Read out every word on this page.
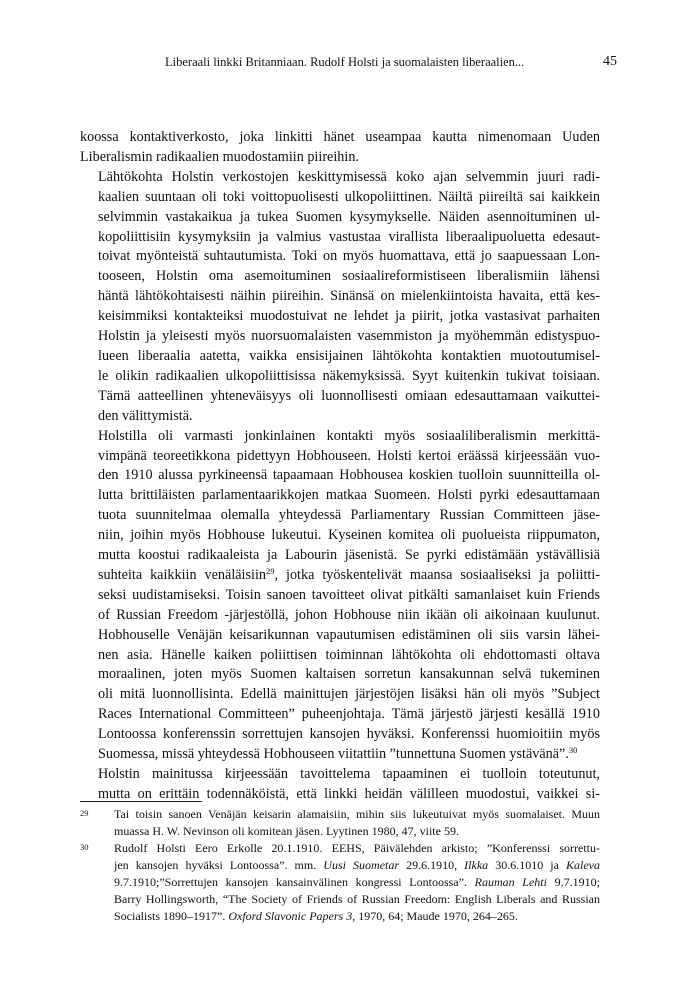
Liberaali linkki Britanniaan. Rudolf Holsti ja suomalaisten liberaalien...	45

koossa kontaktiverkosto, joka linkitti hänet useampaa kautta nimenomaan Uuden
Liberalismin radikaalien muodostamiin piireihin.

Lähtökohta Holstin verkostojen keskittymisessä koko ajan selvemmin juuri radi-
kaalien suuntaan oli toki voittopuolisesti ulkopoliittinen. Näiltä piireiltä sai kaikkein
selvimmin vastakaikua ja tukea Suomen kysymykselle. Näiden asennoituminen ul-
kopoliittisiin kysymyksiin ja valmius vastustaa virallista liberaalipuoluetta edesaut-
toivat myönteistä suhtautumista. Toki on myös huomattava, että jo saapuessaan Lon-
tooseen, Holstin oma asemoituminen sosiaalireformistiseen liberalismiin lähensi
häntä lähtökohtaisesti näihin piireihin. Sinänsä on mielenkiintoista havaita, että kes-
keisimmiksi kontakteiksi muodostuivat ne lehdet ja piirit, jotka vastasivat parhaiten
Holstin ja yleisesti myös nuorsuomalaisten vasemmiston ja myöhemmän edistyspuo-
lueen liberaalia aatetta, vaikka ensisijainen lähtökohta kontaktien muotoutumisel-
le olikin radikaalien ulkopoliittisissa näkemyksissä. Syyt kuitenkin tukivat toisiaan.
Tämä aatteellinen yhteneväisyys oli luonnollisesti omiaan edesauttamaan vaikuttei-
den välittymistä.

Holstilla oli varmasti jonkinlainen kontakti myös sosiaaliliberalismin merkittä-
vimpänä teoreetikkona pidettyyn Hobhouseen. Holsti kertoi eräässä kirjeessään vuo-
den 1910 alussa pyrkineensä tapaamaan Hobhousea koskien tuolloin suunnitteilla ol-
lutta brittiläisten parlamentaarikkojen matkaa Suomeen. Holsti pyrki edesauttamaan
tuota suunnitelmaa olemalla yhteydessä Parliamentary Russian Committeen jäse-
niin, joihin myös Hobhouse lukeutui. Kyseinen komitea oli puolueista riippumaton,
mutta koostui radikaaleista ja Labourin jäsenistä. Se pyrki edistämään ystävällisiä
suhteita kaikkiin venäläisiin$^{29}$, jotka työskentelivät maansa sosiaaliseksi ja poliitti-
seksi uudistamiseksi. Toisin sanoen tavoitteet olivat pitkälti samanlaiset kuin Friends
of Russian Freedom -järjestöllä, johon Hobhouse niin ikään oli aikoinaan kuulunut.
Hobhouselle Venäjän keisarikunnan vapautumisen edistäminen oli siis varsin lähei-
nen asia. Hänelle kaiken poliittisen toiminnan lähtökohta oli ehdottomasti oltava
moraalinen, joten myös Suomen kaltaisen sorretun kansakunnan selvä tukeminen
oli mitä luonnollisinta. Edellä mainittujen järjestöjen lisäksi hän oli myös ”Subject
Races International Committeen” puheenjohtaja. Tämä järjestö järjesti kesällä 1910
Lontoossa konferenssin sorrettujen kansojen hyväksi. Konferenssi huomioitiin myös
Suomessa, missä yhteydessä Hobhouseen viitattiin ”tunnettuna Suomen ystävänä”.$^{30}$

Holstin mainitussa kirjeessään tavoittelema tapaaminen ei tuolloin toteutunut,
mutta on erittäin todennäköistä, että linkki heidän välilleen muodostui, vaikkei si-

29 Tai toisin sanoen Venäjän keisarin alamaisiin, mihin siis lukeutuivat myös suomalaiset. Muun
muassa H. W. Nevinson oli komitean jäsen. Lyytinen 1980, 47, viite 59.
30 Rudolf Holsti Eero Erkolle 20.1.1910. EEHS, Päivälehden arkisto; ”Konferenssi sorrettu-
jen kansojen hyväksi Lontoossa”. mm. Uusi Suometar 29.6.1910, Ilkka 30.6.1010 ja Kaleva
9.7.1910;”Sorrettujen kansojen kansainvälinen kongressi Lontoossa”. Rauman Lehti 9.7.1910;
Barry Hollingsworth, “The Society of Friends of Russian Freedom: English Liberals and Russian
Socialists 1890–1917”. Oxford Slavonic Papers 3, 1970, 64; Maude 1970, 264–265.
